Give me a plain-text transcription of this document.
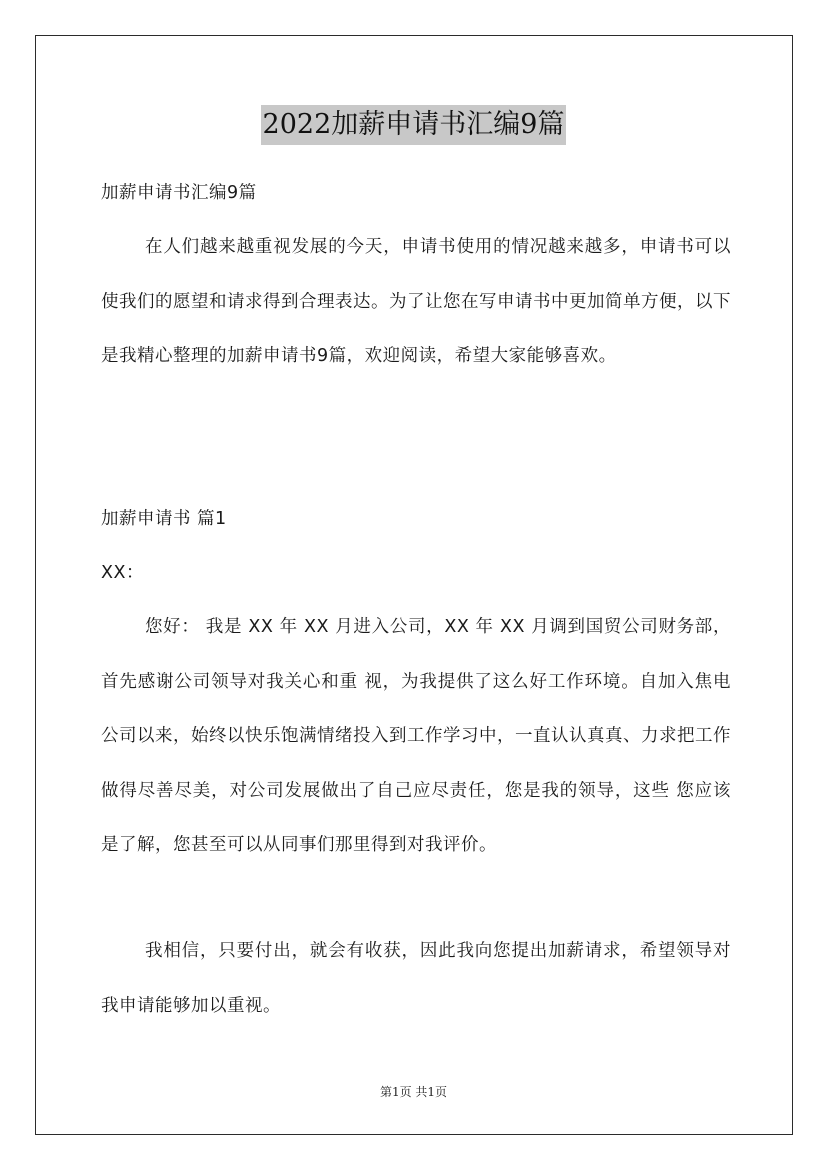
2022加薪申请书汇编9篇

加薪申请书汇编9篇

在人们越来越重视发展的今天，申请书使用的情况越来越多，申请书可以使我们的愿望和请求得到合理表达。为了让您在写申请书中更加简单方便，以下是我精心整理的加薪申请书9篇，欢迎阅读，希望大家能够喜欢。

加薪申请书 篇1

XX：

您好： 我是 XX 年 XX 月进入公司，XX 年 XX 月调到国贸公司财务部，首先感谢公司领导对我关心和重 视，为我提供了这么好工作环境。自加入焦电公司以来，始终以快乐饱满情绪投入到工作学习中，一直认认真真、力求把工作做得尽善尽美，对公司发展做出了自己应尽责任，您是我的领导，这些 您应该是了解，您甚至可以从同事们那里得到对我评价。

我相信，只要付出，就会有收获，因此我向您提出加薪请求，希望领导对我申请能够加以重视。

第1页 共1页
